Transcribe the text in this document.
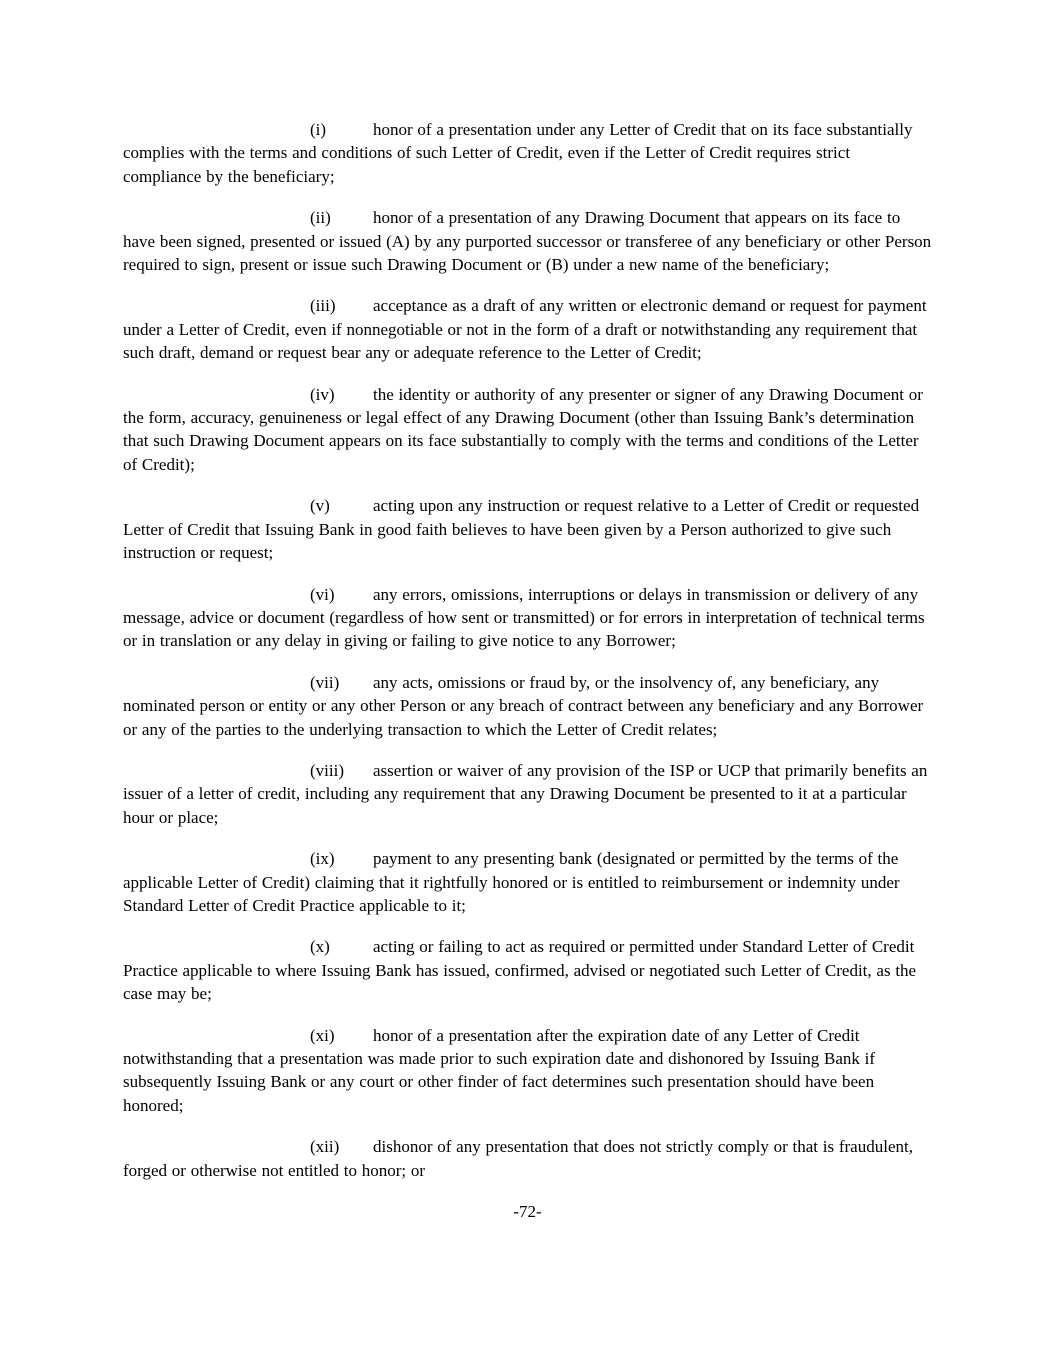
(i)	honor of a presentation under any Letter of Credit that on its face substantially complies with the terms and conditions of such Letter of Credit, even if the Letter of Credit requires strict compliance by the beneficiary;

(ii) honor of a presentation of any Drawing Document that appears on its face to have been signed, presented or issued (A) by any purported successor or transferee of any beneficiary or other Person required to sign, present or issue such Drawing Document or (B) under a new name of the beneficiary;

(iii) acceptance as a draft of any written or electronic demand or request for payment under a Letter of Credit, even if nonnegotiable or not in the form of a draft or notwithstanding any requirement that such draft, demand or request bear any or adequate reference to the Letter of Credit;

(iv) the identity or authority of any presenter or signer of any Drawing Document or the form, accuracy, genuineness or legal effect of any Drawing Document (other than Issuing Bank’s determination that such Drawing Document appears on its face substantially to comply with the terms and conditions of the Letter of Credit);

(v)	acting upon any instruction or request relative to a Letter of Credit or requested Letter of Credit that Issuing Bank in good faith believes to have been given by a Person authorized to give such instruction or request;

(vi) any errors, omissions, interruptions or delays in transmission or delivery of any message, advice or document (regardless of how sent or transmitted) or for errors in interpretation of technical terms or in translation or any delay in giving or failing to give notice to any Borrower;

(vii) any acts, omissions or fraud by, or the insolvency of, any beneficiary, any nominated person or entity or any other Person or any breach of contract between any beneficiary and any Borrower or any of the parties to the underlying transaction to which the Letter of Credit relates;

(viii) assertion or waiver of any provision of the ISP or UCP that primarily benefits an issuer of a letter of credit, including any requirement that any Drawing Document be presented to it at a particular hour or place;

(ix) payment to any presenting bank (designated or permitted by the terms of the applicable Letter of Credit) claiming that it rightfully honored or is entitled to reimbursement or indemnity under Standard Letter of Credit Practice applicable to it;

(x)	acting or failing to act as required or permitted under Standard Letter of Credit Practice applicable to where Issuing Bank has issued, confirmed, advised or negotiated such Letter of Credit, as the case may be;

(xi) honor of a presentation after the expiration date of any Letter of Credit notwithstanding that a presentation was made prior to such expiration date and dishonored by Issuing Bank if subsequently Issuing Bank or any court or other finder of fact determines such presentation should have been honored;

(xii) dishonor of any presentation that does not strictly comply or that is fraudulent, forged or otherwise not entitled to honor; or

-72-
